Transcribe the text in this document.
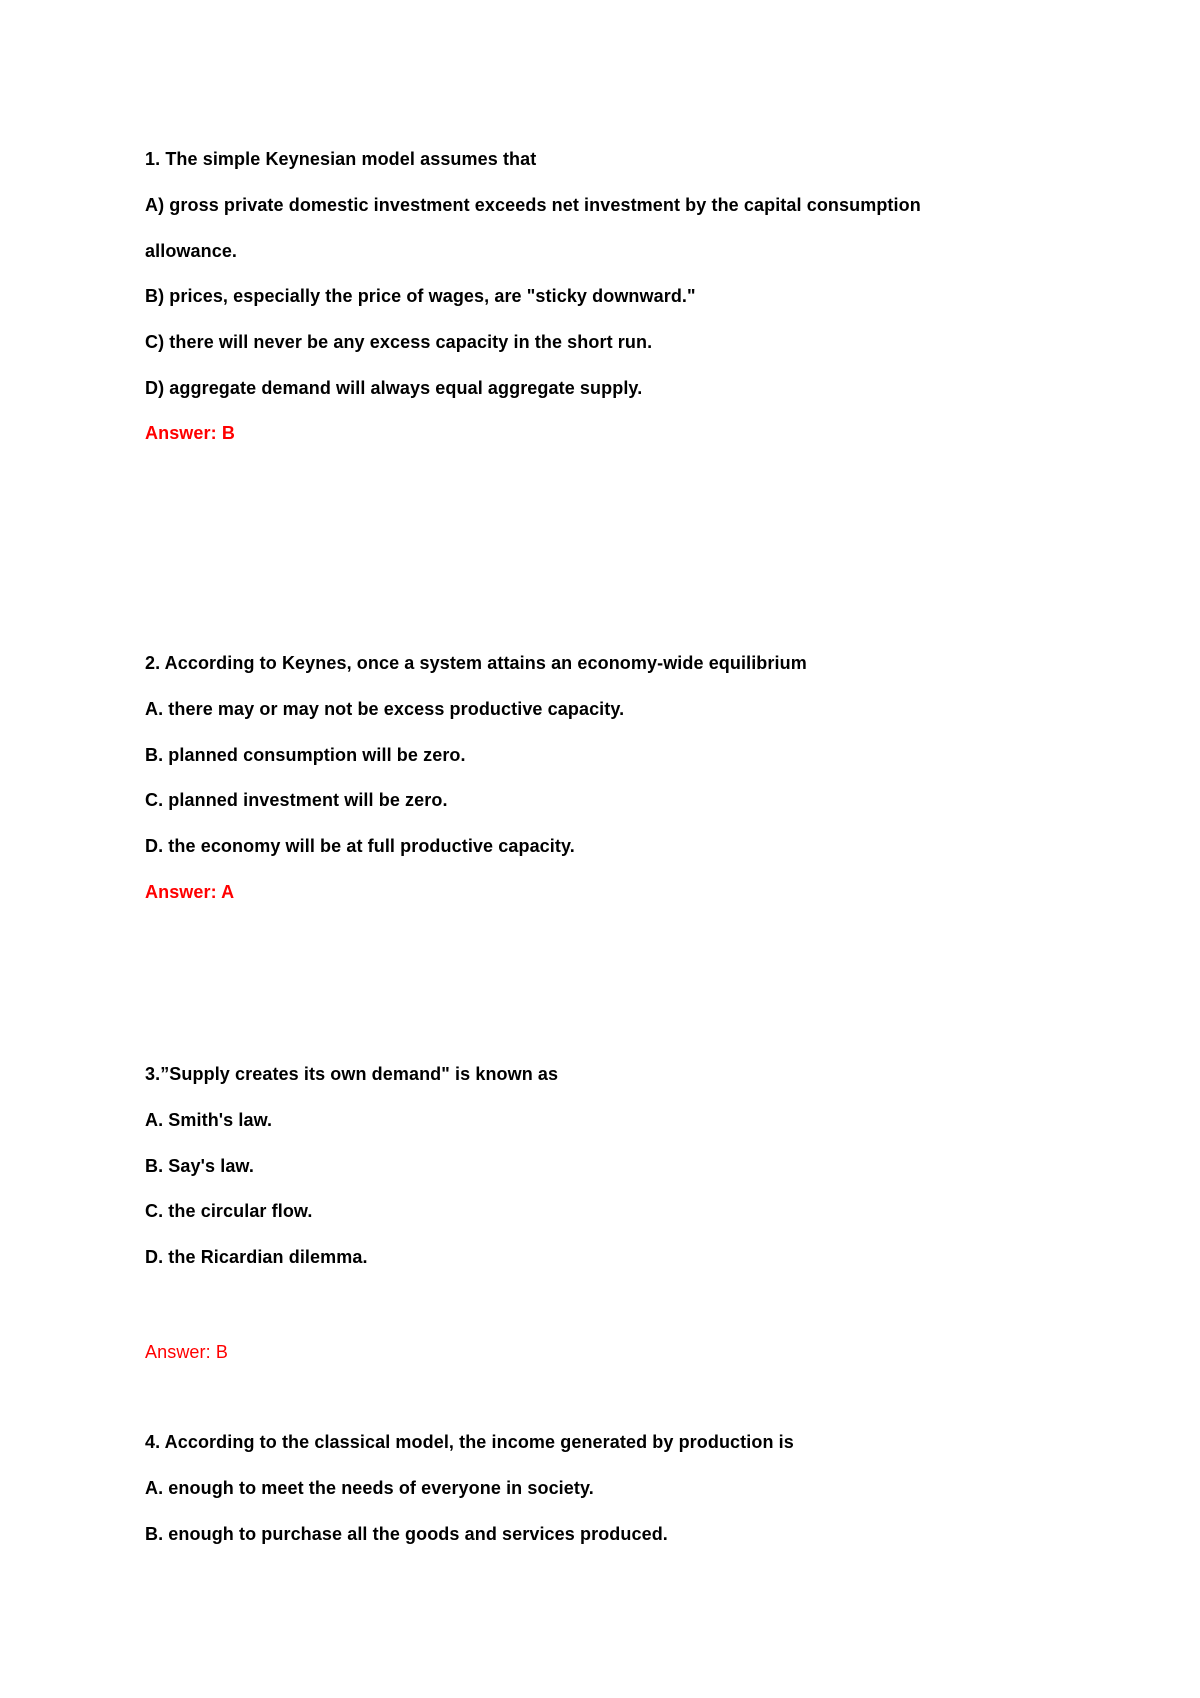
1. The simple Keynesian model assumes that
A) gross private domestic investment exceeds net investment by the capital consumption
allowance.
B) prices, especially the price of wages, are "sticky downward."
C) there will never be any excess capacity in the short run.
D) aggregate demand will always equal aggregate supply.
Answer: B
2. According to Keynes, once a system attains an economy-wide equilibrium
A. there may or may not be excess productive capacity.
B. planned consumption will be zero.
C. planned investment will be zero.
D. the economy will be at full productive capacity.
Answer: A
3.”Supply creates its own demand" is known as
A. Smith's law.
B. Say's law.
C. the circular flow.
D. the Ricardian dilemma.
Answer: B
4. According to the classical model, the income generated by production is
A. enough to meet the needs of everyone in society.
B. enough to purchase all the goods and services produced.
